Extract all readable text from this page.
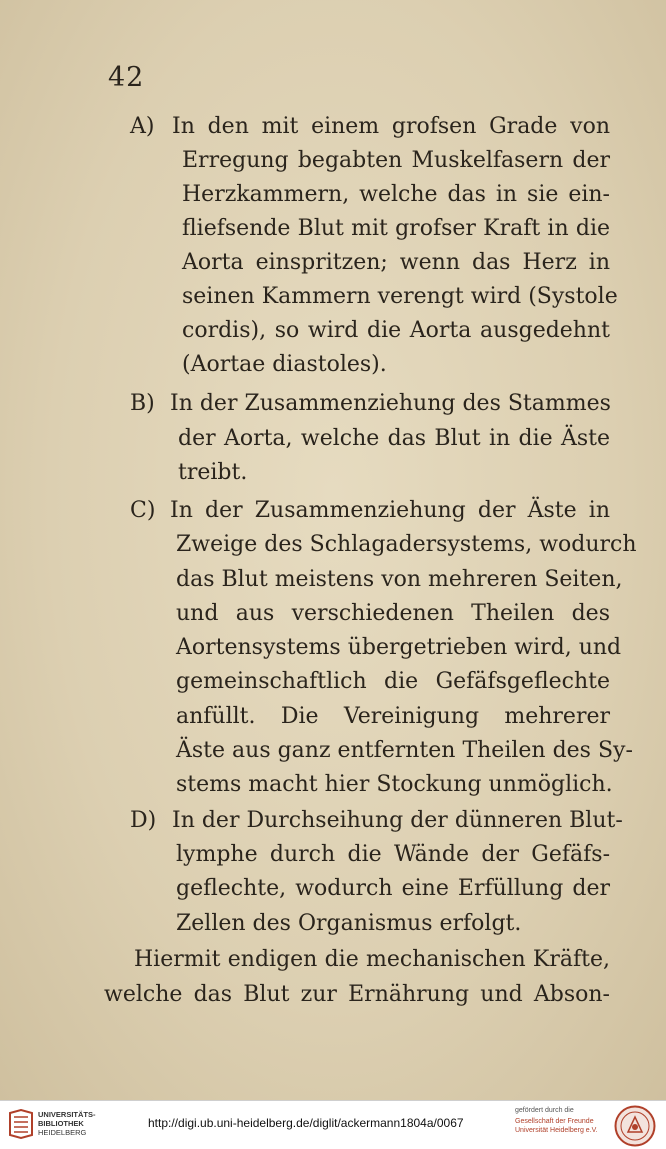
42
A) In den mit einem grofsen Grade von
Erregung begabten Muskelfasern der
Herzkammern, welche das in sie ein-
fliefsende Blut mit grofser Kraft in die
Aorta einspritzen; wenn das Herz in
seinen Kammern verengt wird (Systole
cordis), so wird die Aorta ausgedehnt
(Aortae diastoles).
B) In der Zusammenziehung des Stammes
der Aorta, welche das Blut in die Äste
treibt.
C) In der Zusammenziehung der Äste in
Zweige des Schlagadersystems, wodurch
das Blut meistens von mehreren Seiten,
und aus verschiedenen Theilen des
Aortensystems übergetrieben wird, und
gemeinschaftlich die Gefäfsgeflechte
anfüllt. Die Vereinigung mehrerer
Äste aus ganz entfernten Theilen des Sy-
stems macht hier Stockung unmöglich.
D) In der Durchseihung der dünneren Blut-
lymphe durch die Wände der Gefäfs-
geflechte, wodurch eine Erfüllung der
Zellen des Organismus erfolgt.
Hiermit endigen die mechanischen Kräfte,
welche das Blut zur Ernährung und Abson-
UNIVERSITÄTS-
BIBLIOTHEK
HEIDELBERG
http://digi.ub.uni-heidelberg.de/diglit/ackermann1804a/0067
gefördert durch die
Gesellschaft der Freunde
Universität Heidelberg e.V.
